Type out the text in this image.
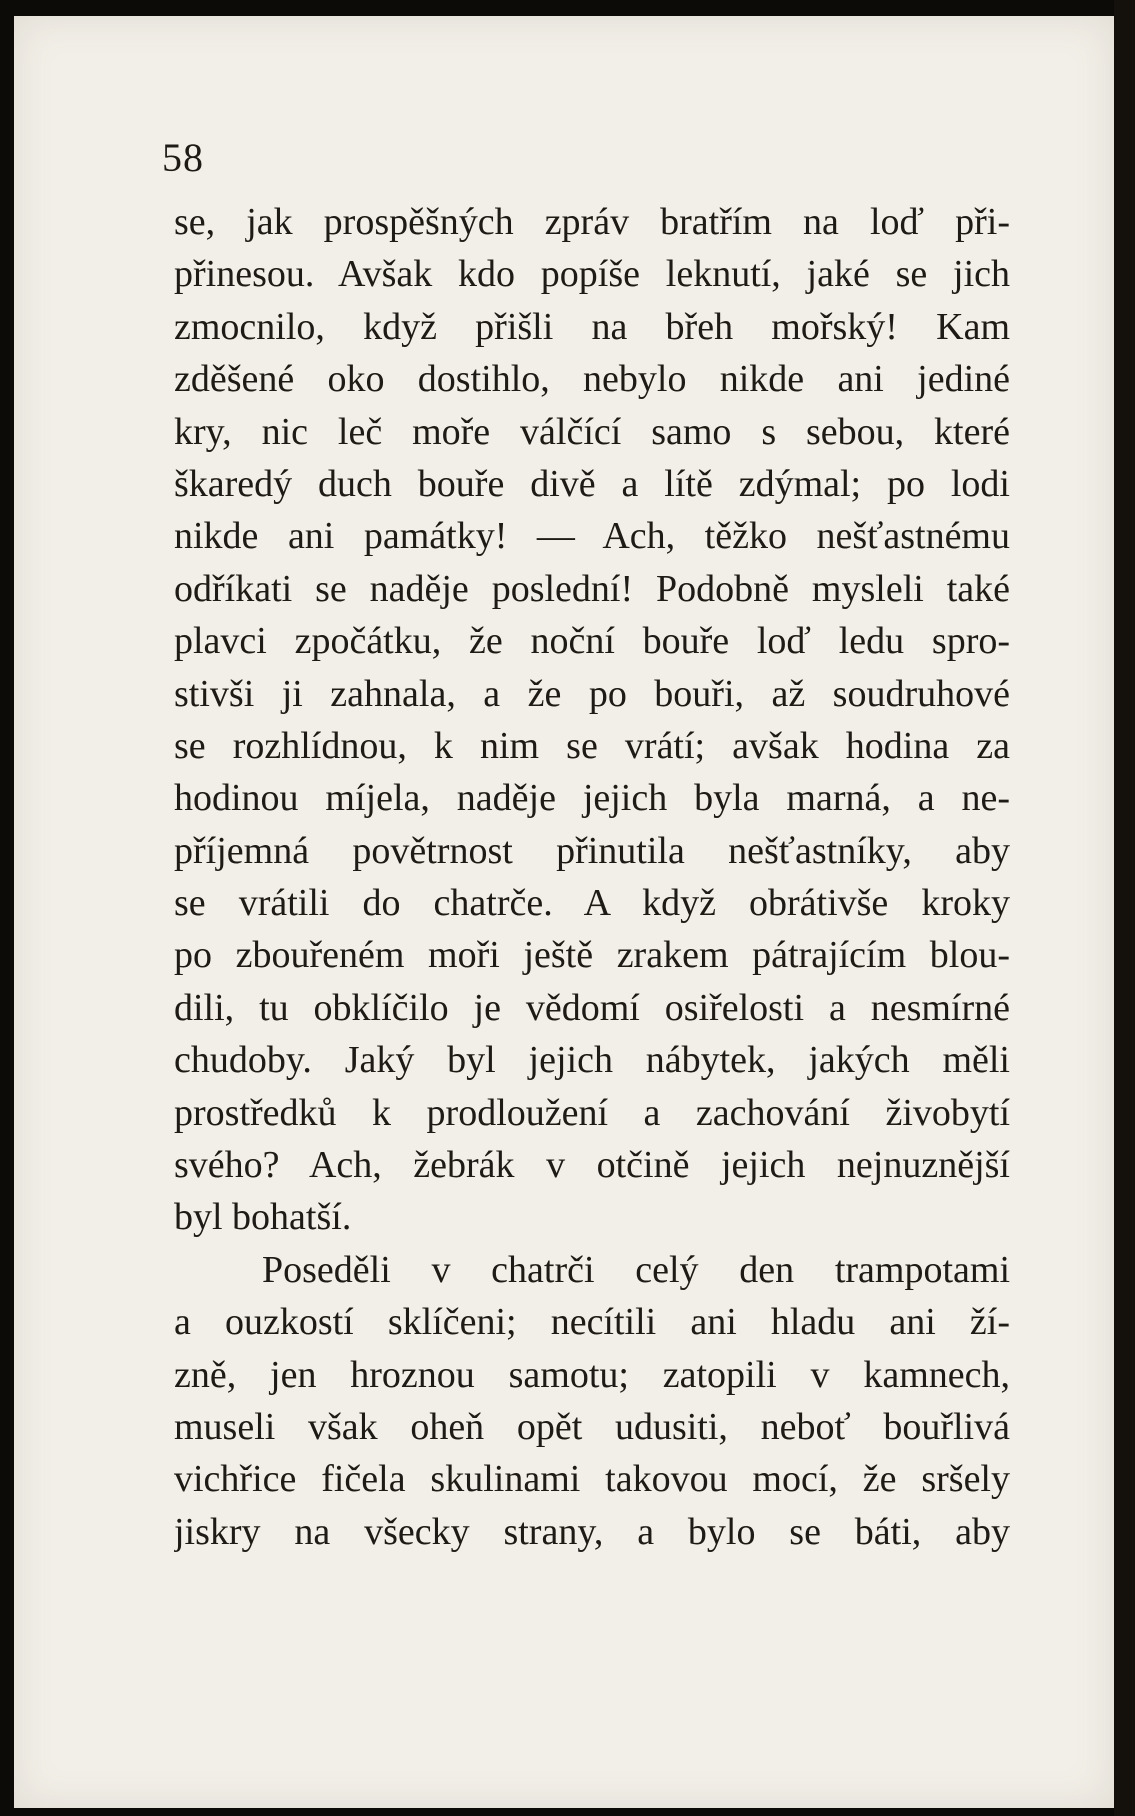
58
se, jak prospěšných zpráv bratřím na loď při-
přinesou. Avšak kdo popíše leknutí, jaké se jich
zmocnilo, když přišli na břeh mořský! Kam
zděšené oko dostihlo, nebylo nikde ani jediné
kry, nic leč moře válčící samo s sebou, které
škaredý duch bouře divě a lítě zdýmal; po lodi
nikde ani památky! — Ach, těžko nešťastnému
odříkati se naděje poslední! Podobně mysleli také
plavci zpočátku, že noční bouře loď ledu spro-
stivši ji zahnala, a že po bouři, až soudruhové
se rozhlídnou, k nim se vrátí; avšak hodina za
hodinou míjela, naděje jejich byla marná, a ne-
příjemná povětrnost přinutila nešťastníky, aby
se vrátili do chatrče. A když obrátivše kroky
po zbouřeném moři ještě zrakem pátrajícím blou-
dili, tu obklíčilo je vědomí osiřelosti a nesmírné
chudoby. Jaký byl jejich nábytek, jakých měli
prostředků k prodloužení a zachování živobytí
svého? Ach, žebrák v otčině jejich nejnuznější
byl bohatší.
Poseděli v chatrči celý den trampotami
a ouzkostí sklíčeni; necítili ani hladu ani ží-
zně, jen hroznou samotu; zatopili v kamnech,
museli však oheň opět udusiti, neboť bouřlivá
vichřice fičela skulinami takovou mocí, že sršely
jiskry na všecky strany, a bylo se báti, aby
